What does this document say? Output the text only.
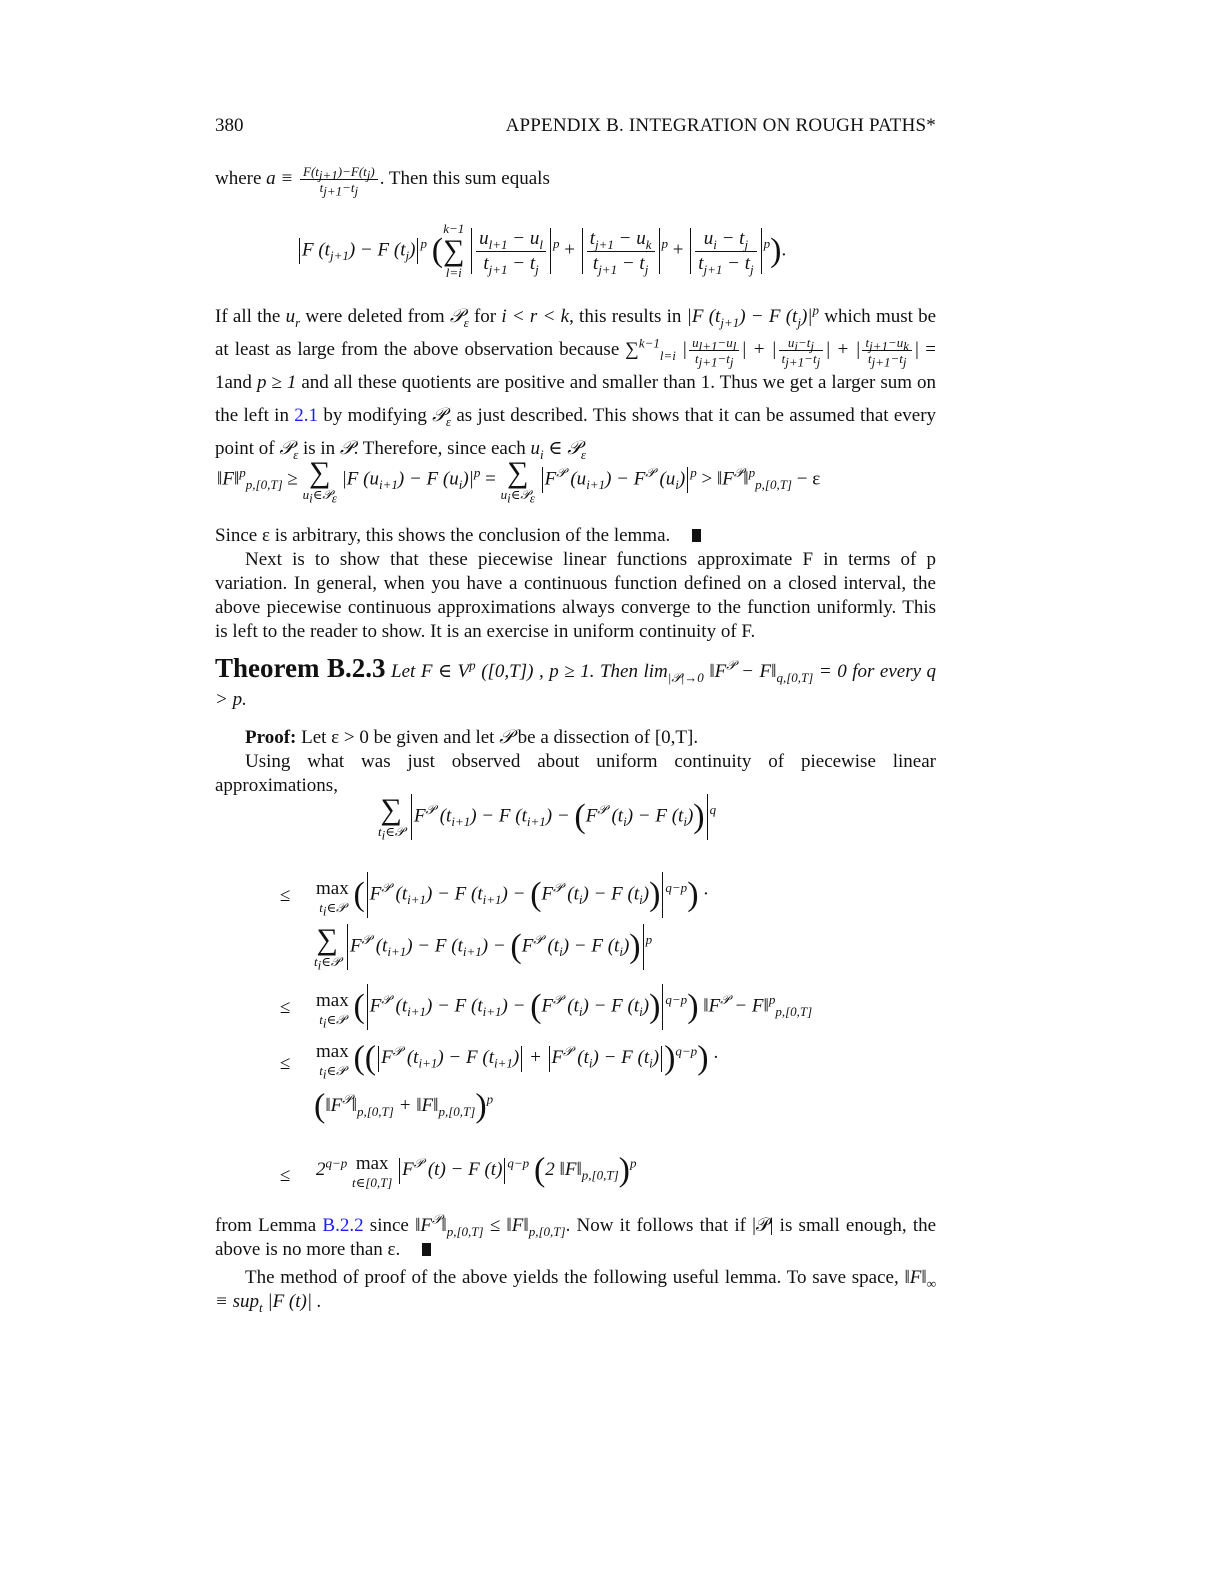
380	APPENDIX B. INTEGRATION ON ROUGH PATHS*
where $a \equiv \frac{F(t_{j+1})-F(t_j)}{t_{j+1}-t_j}$ . Then this sum equals
F $(t_{j+1}) - F$ $(t_j)$ $^p$ (
k−1
∑
l=i
$\frac{u_{l+1} - u_l}{t_{j+1} - t_j} ^p + \frac{t_{j+1} - u_k}{t_{j+1} - t_j} ^p + \frac{u_i - t_j}{t_{j+1} - t_j} ^p$).
If all the $u_r$ were deleted from 𝒫$_\varepsilon$ for i < r < k, this results in |F $(t_{j+1}) - F$ $(t_j)|^p$ which must be at least as large from the above observation because ∑$^{k-1}_{l=i}$ | $\frac{u_{l+1}-u_l}{t_{j+1}-t_j}$ | + | $\frac{u_i-t_j}{t_{j+1}-t_j}$ | + | $\frac{t_{j+1}-u_k}{t_{j+1}-t_j}$ | = 1and p ≥ 1 and all these quotients are positive and smaller than 1. Thus we get a larger sum on the left in 2.1 by modifying 𝒫$_\varepsilon$ as just described. This shows that it can be assumed that every point of 𝒫$_\varepsilon$ is in 𝒫. Therefore, since each $u_i$ ∈ 𝒫$_\varepsilon$
‖F‖$^p_{p,[0,T]}$ ≥ ∑
$u_i\in 𝒫_\varepsilon$
|F $(u_{i+1}) - F$ $(u_i)|^p$ = ∑
$u_i\in 𝒫_\varepsilon$
$F^𝒫$ $(u_{i+1}) - F^𝒫$ $(u_i) ^p$ > $‖F^𝒫‖^p_{p,[0,T]} - \varepsilon$
Since ε is arbitrary, this shows the conclusion of the lemma.
Next is to show that these piecewise linear functions approximate F in terms of p variation. In general, when you have a continuous function defined on a closed interval, the above piecewise continuous approximations always converge to the function uniformly. This is left to the reader to show. It is an exercise in uniform continuity of F.
Theorem B.2.3 Let F ∈ $V^p$ ([0,T]) , p ≥ 1. Then $\lim_{|𝒫|\to 0}$ $‖F^𝒫$ − $F‖_{q,[0,T]} = 0$ for every q > p.
Proof: Let ε > 0 be given and let 𝒫 be a dissection of [0,T].
Using what was just observed about uniform continuity of piecewise linear approximations,
∑
$t_i\in 𝒫$
$F^𝒫$ $(t_{i+1}) - F$ $(t_{i+1}) - (F^𝒫$ $(t_i) - F$ $(t_i)$) $^q$
≤ max
$t_i\in 𝒫$ ( $F^𝒫$ $(t_{i+1}) - F$ $(t_{i+1}) - (F^𝒫$ $(t_i) - F$ $(t_i)$) $^{q-p}$) ·
∑
$t_i\in 𝒫$
$F^𝒫$ $(t_{i+1}) - F$ $(t_{i+1}) - (F^𝒫$ $(t_i) - F$ $(t_i)$) $^p$
≤ max
$t_i\in 𝒫$ ( $F^𝒫$ $(t_{i+1}) - F$ $(t_{i+1}) - (F^𝒫$ $(t_i) - F$ $(t_i)$) $^{q-p}$) $‖F^𝒫$ − F‖$^p_{p,[0,T]}$
≤
max
$t_i\in 𝒫$ (( $F^𝒫$ $(t_{i+1}) - F$ $(t_{i+1}) + F^𝒫$ $(t_i) - F$ $(t_i) )^{q-p}$) ·
($‖F^𝒫‖_{p,[0,T]}$ + $‖F‖_{p,[0,T]})^p$
≤ $2^{q-p}$ max
t∈[0,T]
$F^𝒫$ (t) − F (t) $^{q-p}$ (2 $‖F‖_{p,[0,T]})^p$
from Lemma B.2.2 since $‖F^𝒫‖_{p,[0,T]}$ ≤ $‖F‖_{p,[0,T]}$. Now it follows that if |𝒫| is small enough, the above is no more than ε.
The method of proof of the above yields the following useful lemma. To save space, $‖F‖_\infty \equiv sup_t$ |F (t)| .
